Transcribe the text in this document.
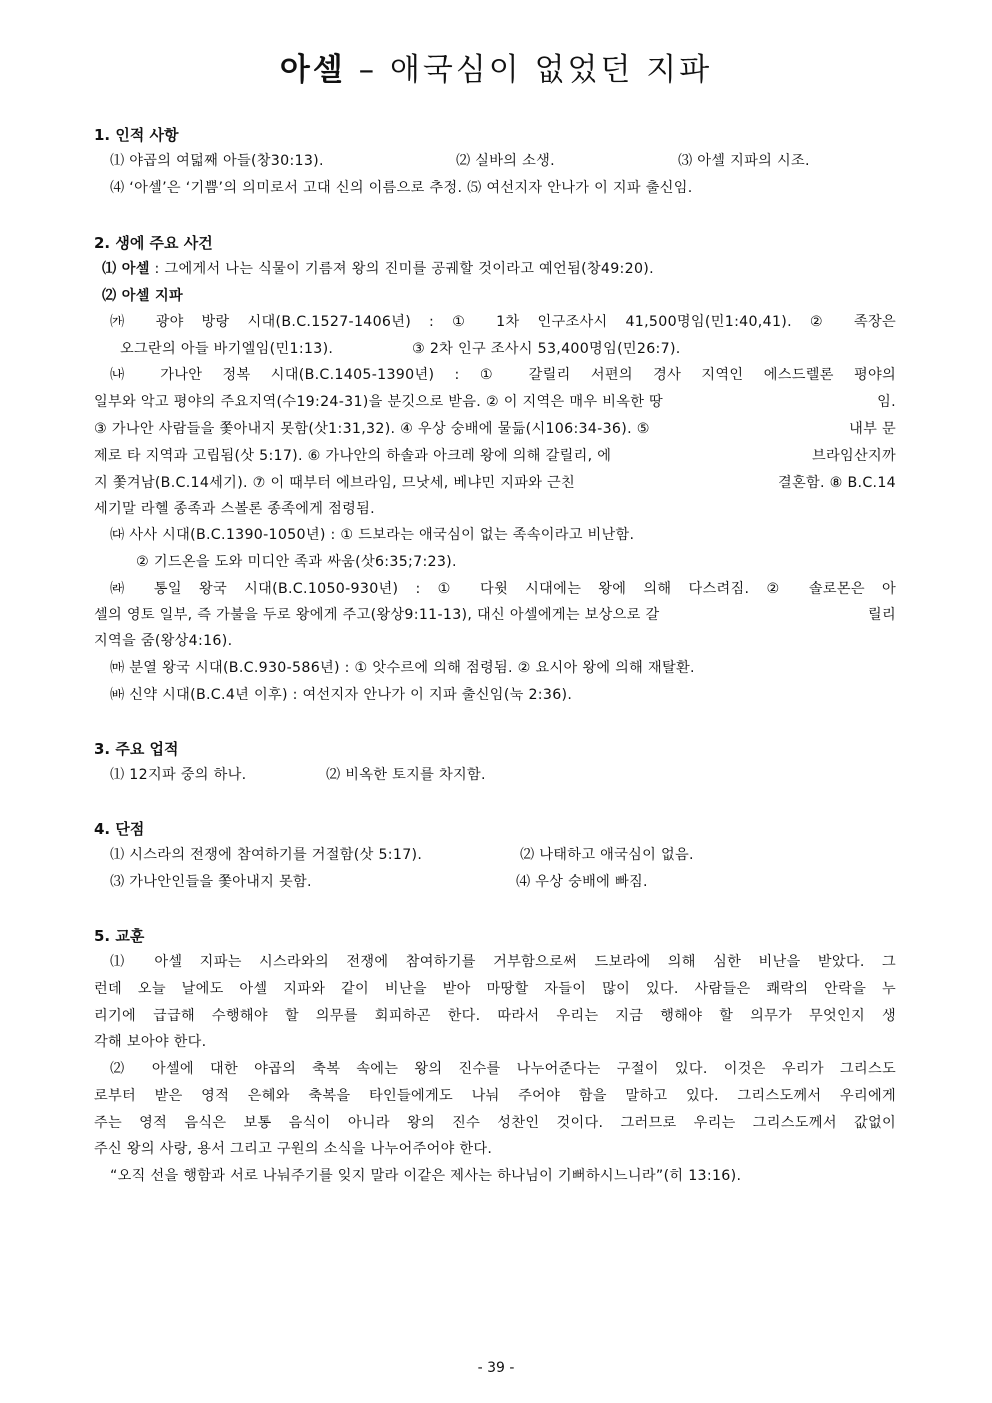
아셀 – 애국심이 없었던 지파
1. 인적 사항
⑴ 야곱의 여덟째 아들(창30:13).	⑵ 실바의 소생.	⑶ 아셀 지파의 시조.
⑷ ‘아셀’은 ‘기쁨’의 의미로서 고대 신의 이름으로 추정. ⑸ 여선지자 안나가 이 지파 출신임.
2. 생에 주요 사건
⑴ 아셀 : 그에게서 나는 식물이 기름져 왕의 진미를 공궤할 것이라고 예언됨(창49:20).
⑵ 아셀 지파
㈎ 광야 방랑 시대(B.C.1527-1406년) : ① 1차 인구조사시 41,500명임(민1:40,41). ② 족장은
오그란의 아들 바기엘임(민1:13).	③ 2차 인구 조사시 53,400명임(민26:7).
㈏ 가나안 정복 시대(B.C.1405-1390년) : ① 갈릴리 서편의 경사 지역인 에스드렐론 평야의
일부와 악고 평야의 주요지역(수19:24-31)을 분깃으로 받음. ② 이 지역은 매우 비옥한 땅	임.
③ 가나안 사람들을 쫓아내지 못함(삿1:31,32). ④ 우상 숭배에 물듦(시106:34-36). ⑤	내부 문
제로 타 지역과 고립됨(삿 5:17). ⑥ 가나안의 하솔과 아크레 왕에 의해 갈릴리, 에	브라임산지까
지 쫓겨남(B.C.14세기). ⑦ 이 때부터 에브라임, 므낫세, 베냐민 지파와 근친	결혼함. ⑧ B.C.14
세기말 라헬 종족과 스볼론 종족에게 점령됨.
㈐ 사사 시대(B.C.1390-1050년) : ① 드보라는 애국심이 없는 족속이라고 비난함.
② 기드온을 도와 미디안 족과 싸움(삿6:35;7:23).
㈑ 통일 왕국 시대(B.C.1050-930년) : ① 다윗 시대에는 왕에 의해 다스려짐. ② 솔로몬은 아
셀의 영토 일부, 즉 가불을 두로 왕에게 주고(왕상9:11-13), 대신 아셀에게는 보상으로 갈	릴리
지역을 줌(왕상4:16).
㈒ 분열 왕국 시대(B.C.930-586년) : ① 앗수르에 의해 점령됨. ② 요시아 왕에 의해 재탈환.
㈓ 신약 시대(B.C.4년 이후) : 여선지자 안나가 이 지파 출신임(눅 2:36).
3. 주요 업적
⑴ 12지파 중의 하나.	⑵ 비옥한 토지를 차지함.
4. 단점
⑴ 시스라의 전쟁에 참여하기를 거절함(삿 5:17).	⑵ 나태하고 애국심이 없음.
⑶ 가나안인들을 쫓아내지 못함.	⑷ 우상 숭배에 빠짐.
5. 교훈
⑴ 아셀 지파는 시스라와의 전쟁에 참여하기를 거부함으로써 드보라에 의해 심한 비난을 받았다. 그
런데 오늘 날에도 아셀 지파와 같이 비난을 받아 마땅할 자들이 많이 있다. 사람들은 쾌락의 안락을 누
리기에 급급해 수행해야 할 의무를 회피하곤 한다. 따라서 우리는 지금 행해야 할 의무가 무엇인지 생
각해 보아야 한다.
⑵ 아셀에 대한 야곱의 축복 속에는 왕의 진수를 나누어준다는 구절이 있다. 이것은 우리가 그리스도
로부터 받은 영적 은혜와 축복을 타인들에게도 나눠 주어야 함을 말하고 있다. 그리스도께서 우리에게
주는 영적 음식은 보통 음식이 아니라 왕의 진수 성찬인 것이다. 그러므로 우리는 그리스도께서 값없이
주신 왕의 사랑, 용서 그리고 구원의 소식을 나누어주어야 한다.
“오직 선을 행함과 서로 나눠주기를 잊지 말라 이같은 제사는 하나님이 기뻐하시느니라”(히 13:16).
- 39 -
